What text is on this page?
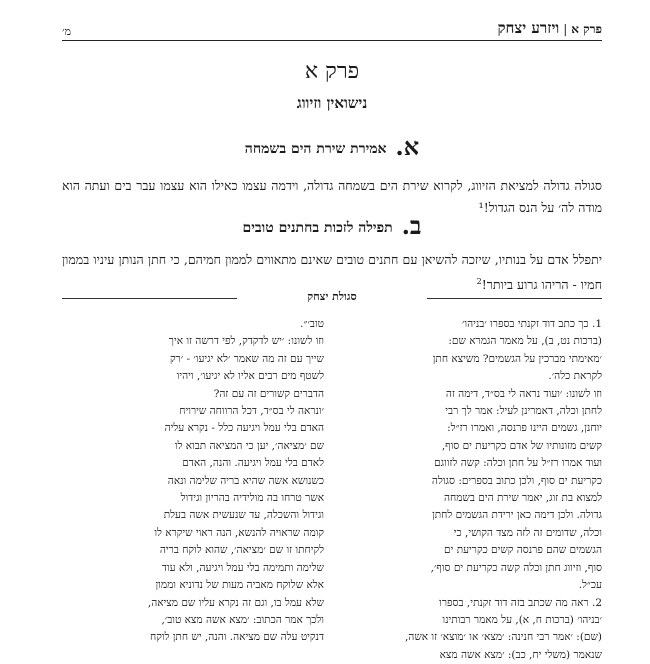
פרק א|ויזרע יצחק
מ׳
פרק א
נישואין וזיווג
א. אמירת שירת הים בשמחה
סגולה גדולה למציאת הזיווג, לקרוא שירת הים בשמחה גדולה, וידמה עצמו כאילו הוא עצמו עבר בים ועתה הוא מודה לה׳ על הנס הגדול!¹
ב. תפילה לזכות בחתנים טובים
יתפלל אדם על בנותיו, שיזכה להשיאן עם חתנים טובים שאינם מתאווים לממון חמיהם, כי חתן הנותן עיניו בממון חמיו - הריהו גרוע ביותר!$^2$
סגולת יצחק
1. כך כתב דוד זקנתי בספרו ׳בניהו׳
(ברכות נט, ב), על מאמר הגמרא שם:
׳מאימתי מברכין על הגשמים? משיצא חתן
לקראת כלה׳.
וזו לשונו: ׳ועוד נראה לי בס״ד, דימה זה
לחתן וכלה, דאמרינן לעיל: אמר לך רבי
יוחנן, גשמים היינו פרנסה, ואמרו רז״ל:
קשים מזונותיו של אדם כקריעת ים סוף,
ועוד אמרו רז״ל על חתן וכלה: קשה לזווגם
כקריעת ים סוף, ולכן כתוב בספרים: סגולה
למצוא בת זוג, יאמר שירת הים בשמחה
גדולה. ולכן דימה כאן ירידת הגשמים לחתן
וכלה, שדומים זה לזה מצד הקושי, כי
הגשמים שהם פרנסה קשים כקריעת ים
סוף, וזיווג חתן וכלה קשה כקריעת ים סוף׳,
עכ״ל.
2. ראה מה שכתב בזה דוד זקנתי, בספרו
׳בניהו׳ (ברכות ח, א), על מאמר רבותינו
(שם): ׳אמר רבי חנינה: ׳מצא׳ או ׳מוצא׳ זו אשה,
שנאמר (משלי יח, כב): ׳מצא אשה מצא
טוב׳״.
וזו לשונו: ׳יש לדקדק, לפי דרשה זו איך
שייך עם זה מה שאמר ׳לא יגיעו׳ - ׳רק
לשטף מים רבים אליו לא יגיעו׳, ויהיו
הדברים קשורים זה עם זה?
׳ונראה לי בס״ד, דכל הרווחה שירויח
האדם בלי עמל ויגיעה כלל - נקרא עליה
שם ׳מציאה׳, יען כי המציאה תבוא לו
לאדם בלי עמל ויגיעה. והנה, האדם
כשנושא אשה שהיא בריה שלימה ונאה
אשר טרחו בה מולידיה בהריון וגידול
וגידול והשכלה, עד שנעשית אשה בעלת
קומה שראויה להנשא, הנה ראוי שיקרא לו
לקיחתו זו שם ׳מציאה׳, שהוא לוקח בריה
שלימה ותמימה בלי עמל ויגיעה, ולא עוד
אלא שלוקח מאביה מעות של נדוניא וממון
שלא עמל בו, וגם זה נקרא עליו שם מציאה,
ולכך אמר הכתוב: ׳מצא אשה מצא טוב׳,
דנקיט עלה שם מציאה. והנה, יש חתן לוקח
